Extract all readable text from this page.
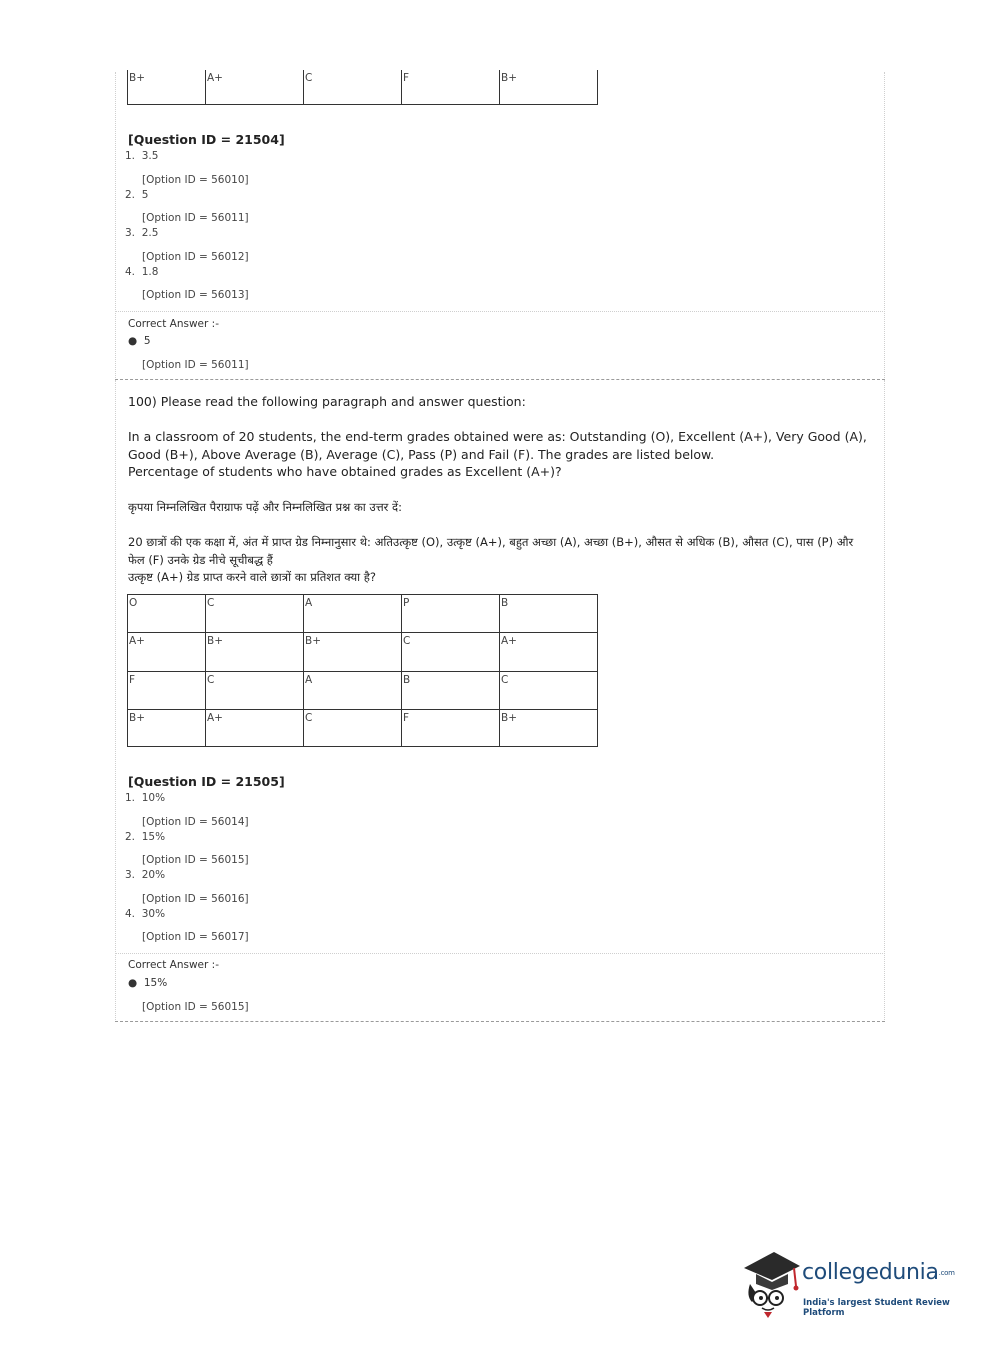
B+	A+	C	F	B+
[Question ID = 21504]
1. 3.5
[Option ID = 56010]
2. 5
[Option ID = 56011]
3. 2.5
[Option ID = 56012]
4. 1.8
[Option ID = 56013]
Correct Answer :-
● 5
[Option ID = 56011]
100) Please read the following paragraph and answer question:
In a classroom of 20 students, the end-term grades obtained were as: Outstanding (O), Excellent (A+), Very Good (A), Good (B+), Above Average (B), Average (C), Pass (P) and Fail (F). The grades are listed below.
Percentage of students who have obtained grades as Excellent (A+)?
कृपया निम्नलिखित पैराग्राफ पढ़ें और निम्नलिखित प्रश्न का उत्तर दें:
20 छात्रों की एक कक्षा में, अंत में प्राप्त ग्रेड निम्नानुसार थे: अतिउत्कृष्ट (O), उत्कृष्ट (A+), बहुत अच्छा (A), अच्छा (B+), औसत से अधिक (B), औसत (C), पास (P) और फेल (F) उनके ग्रेड नीचे सूचीबद्ध हैं
उत्कृष्ट (A+) ग्रेड प्राप्त करने वाले छात्रों का प्रतिशत क्या है?
O	C	A	P	B
A+	B+	B+	C	A+
F	C	A	B	C
B+	A+	C	F	B+
[Question ID = 21505]
1. 10%
[Option ID = 56014]
2. 15%
[Option ID = 56015]
3. 20%
[Option ID = 56016]
4. 30%
[Option ID = 56017]
Correct Answer :-
● 15%
[Option ID = 56015]
collegedunia.com
India's largest Student Review Platform
